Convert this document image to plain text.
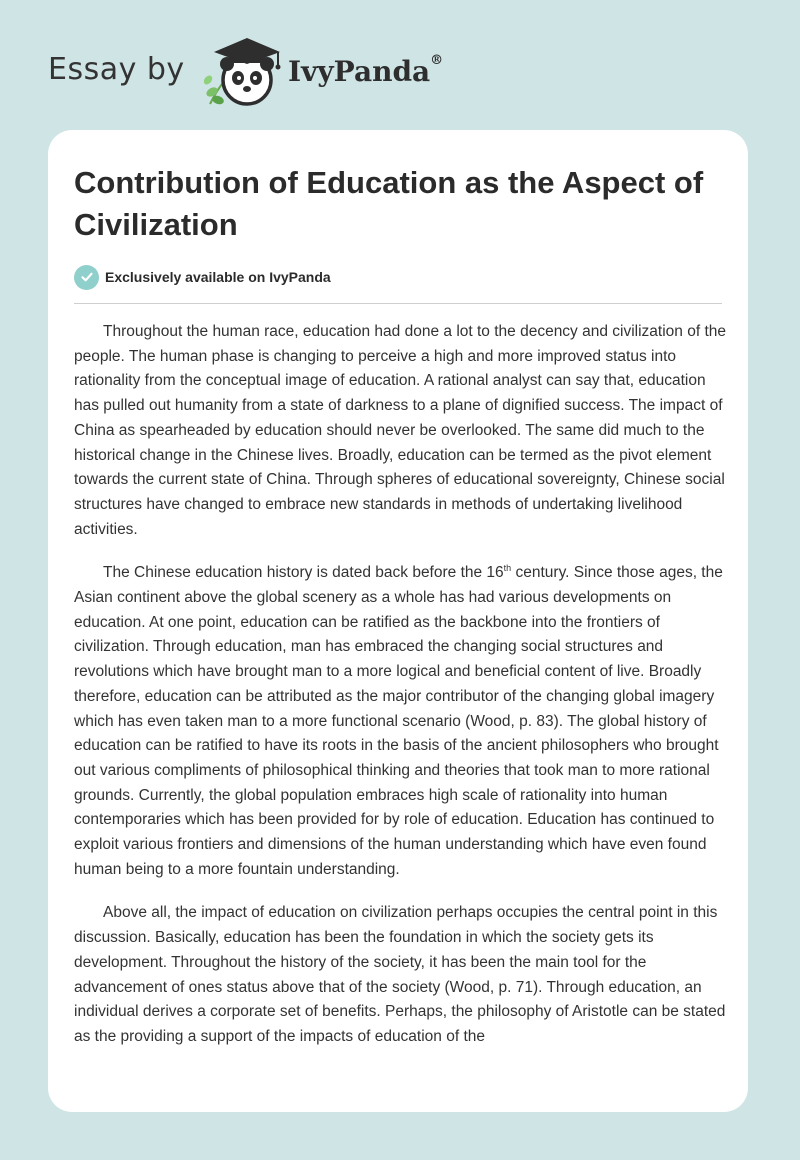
Essay by	IvyPanda®
Contribution of Education as the Aspect of Civilization
Exclusively available on IvyPanda

Throughout the human race, education had done a lot to the decency and civilization of the people. The human phase is changing to perceive a high and more improved status into rationality from the conceptual image of education. A rational analyst can say that, education has pulled out humanity from a state of darkness to a plane of dignified success. The impact of China as spearheaded by education should never be overlooked. The same did much to the historical change in the Chinese lives. Broadly, education can be termed as the pivot element towards the current state of China. Through spheres of educational sovereignty, Chinese social structures have changed to embrace new standards in methods of undertaking livelihood activities.

The Chinese education history is dated back before the 16th century. Since those ages, the Asian continent above the global scenery as a whole has had various developments on education. At one point, education can be ratified as the backbone into the frontiers of civilization. Through education, man has embraced the changing social structures and revolutions which have brought man to a more logical and beneficial content of live. Broadly therefore, education can be attributed as the major contributor of the changing global imagery which has even taken man to a more functional scenario (Wood, p. 83). The global history of education can be ratified to have its roots in the basis of the ancient philosophers who brought out various compliments of philosophical thinking and theories that took man to more rational grounds. Currently, the global population embraces high scale of rationality into human contemporaries which has been provided for by role of education. Education has continued to exploit various frontiers and dimensions of the human understanding which have even found human being to a more fountain understanding.

Above all, the impact of education on civilization perhaps occupies the central point in this discussion. Basically, education has been the foundation in which the society gets its development. Throughout the history of the society, it has been the main tool for the advancement of ones status above that of the society (Wood, p. 71). Through education, an individual derives a corporate set of benefits. Perhaps, the philosophy of Aristotle can be stated as the providing a support of the impacts of education of the
